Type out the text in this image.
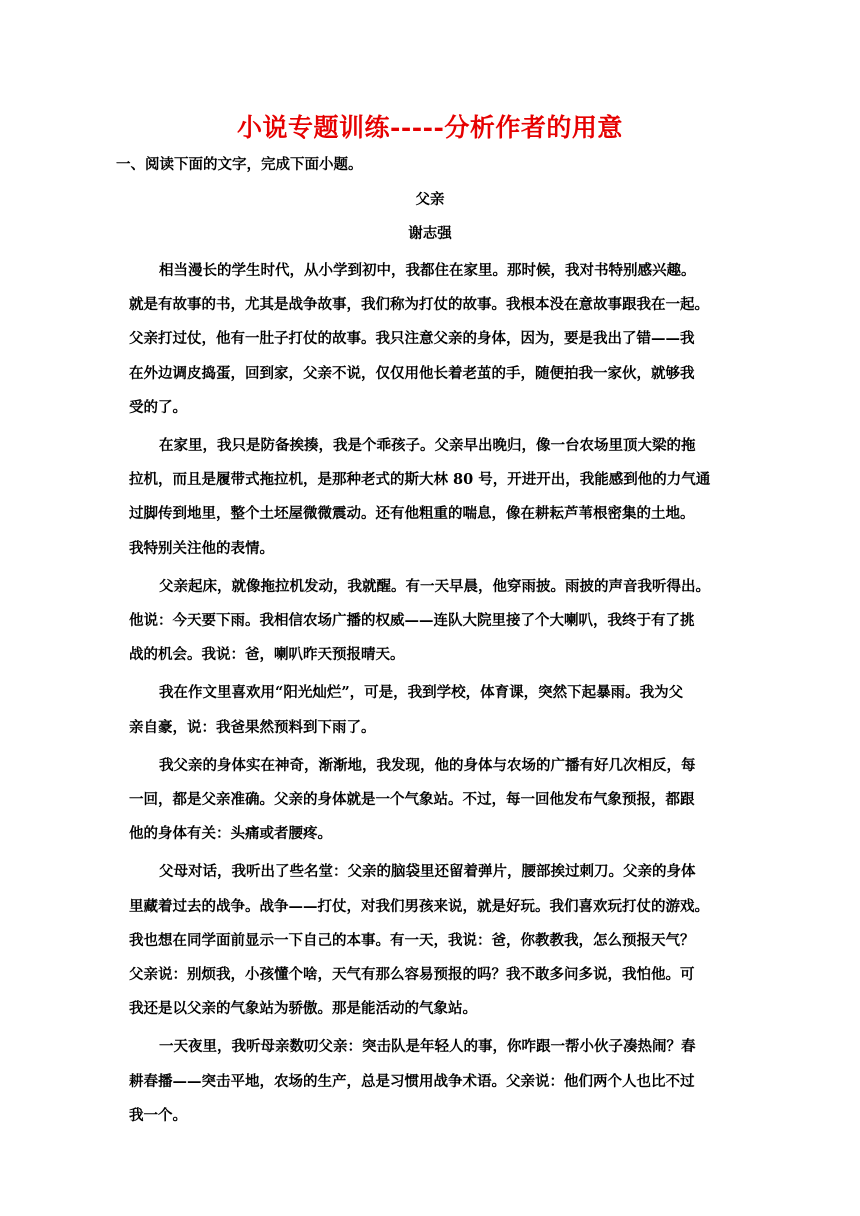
小说专题训练-----分析作者的用意
一、阅读下面的文字，完成下面小题。
父亲
谢志强

相当漫长的学生时代，从小学到初中，我都住在家里。那时候，我对书特别感兴趣。
就是有故事的书，尤其是战争故事，我们称为打仗的故事。我根本没在意故事跟我在一起。
父亲打过仗，他有一肚子打仗的故事。我只注意父亲的身体，因为，要是我出了错——我
在外边调皮捣蛋，回到家，父亲不说，仅仅用他长着老茧的手，随便拍我一家伙，就够我
受的了。

在家里，我只是防备挨揍，我是个乖孩子。父亲早出晚归，像一台农场里顶大梁的拖
拉机，而且是履带式拖拉机，是那种老式的斯大林 80 号，开进开出，我能感到他的力气通
过脚传到地里，整个土坯屋微微震动。还有他粗重的喘息，像在耕耘芦苇根密集的土地。
我特别关注他的表情。

父亲起床，就像拖拉机发动，我就醒。有一天早晨，他穿雨披。雨披的声音我听得出。
他说：今天要下雨。我相信农场广播的权威——连队大院里接了个大喇叭，我终于有了挑
战的机会。我说：爸，喇叭昨天预报晴天。

我在作文里喜欢用“阳光灿烂”，可是，我到学校，体育课，突然下起暴雨。我为父
亲自豪，说：我爸果然预料到下雨了。

我父亲的身体实在神奇，渐渐地，我发现，他的身体与农场的广播有好几次相反，每
一回，都是父亲准确。父亲的身体就是一个气象站。不过，每一回他发布气象预报，都跟
他的身体有关：头痛或者腰疼。

父母对话，我听出了些名堂：父亲的脑袋里还留着弹片，腰部挨过刺刀。父亲的身体
里藏着过去的战争。战争——打仗，对我们男孩来说，就是好玩。我们喜欢玩打仗的游戏。
我也想在同学面前显示一下自己的本事。有一天，我说：爸，你教教我，怎么预报天气？
父亲说：别烦我，小孩懂个啥，天气有那么容易预报的吗？我不敢多问多说，我怕他。可
我还是以父亲的气象站为骄傲。那是能活动的气象站。

一天夜里，我听母亲数叨父亲：突击队是年轻人的事，你咋跟一帮小伙子凑热闹？春
耕春播——突击平地，农场的生产，总是习惯用战争术语。父亲说：他们两个人也比不过
我一个。
